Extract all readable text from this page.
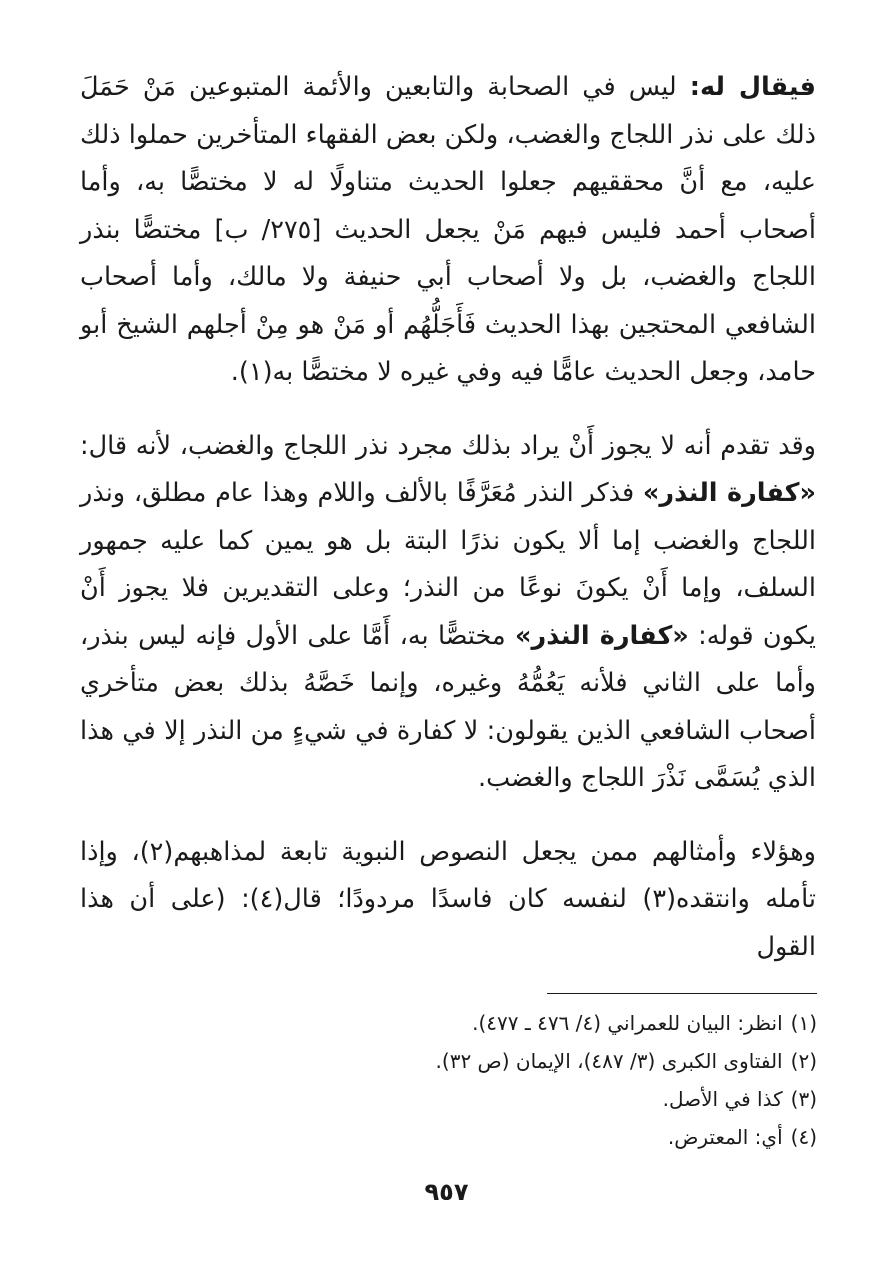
فيقال له: ليس في الصحابة والتابعين والأئمة المتبوعين مَنْ حَمَلَ ذلك على نذر اللجاج والغضب، ولكن بعض الفقهاء المتأخرين حملوا ذلك عليه، مع أنَّ محققيهم جعلوا الحديث متناولًا له لا مختصًّا به، وأما أصحاب أحمد فليس فيهم مَنْ يجعل الحديث [٢٧٥/ ب] مختصًّا بنذر اللجاج والغضب، بل ولا أصحاب أبي حنيفة ولا مالك، وأما أصحاب الشافعي المحتجين بهذا الحديث فَأَجَلُّهُم أو مَنْ هو مِنْ أجلهم الشيخ أبو حامد، وجعل الحديث عامًّا فيه وفي غيره لا مختصًّا به(١).

وقد تقدم أنه لا يجوز أَنْ يراد بذلك مجرد نذر اللجاج والغضب، لأنه قال: «كفارة النذر» فذكر النذر مُعَرَّفًا بالألف واللام وهذا عام مطلق، ونذر اللجاج والغضب إما ألا يكون نذرًا البتة بل هو يمين كما عليه جمهور السلف، وإما أَنْ يكونَ نوعًا من النذر؛ وعلى التقديرين فلا يجوز أَنْ يكون قوله: «كفارة النذر» مختصًّا به، أَمَّا على الأول فإنه ليس بنذر، وأما على الثاني فلأنه يَعُمُّهُ وغيره، وإنما خَصَّهُ بذلك بعض متأخري أصحاب الشافعي الذين يقولون: لا كفارة في شيءٍ من النذر إلا في هذا الذي يُسَمَّى نَذْرَ اللجاج والغضب.

وهؤلاء وأمثالهم ممن يجعل النصوص النبوية تابعة لمذاهبهم(٢)، وإذا تأمله وانتقده(٣) لنفسه كان فاسدًا مردودًا؛ قال(٤): (على أن هذا القول

(١)انظر: البيان للعمراني (٤/ ٤٧٦ ـ ٤٧٧).
(٢)الفتاوى الكبرى (٣/ ٤٨٧)، الإيمان (ص ٣٢).
(٣)كذا في الأصل.
(٤)أي: المعترض.
٩٥٧
